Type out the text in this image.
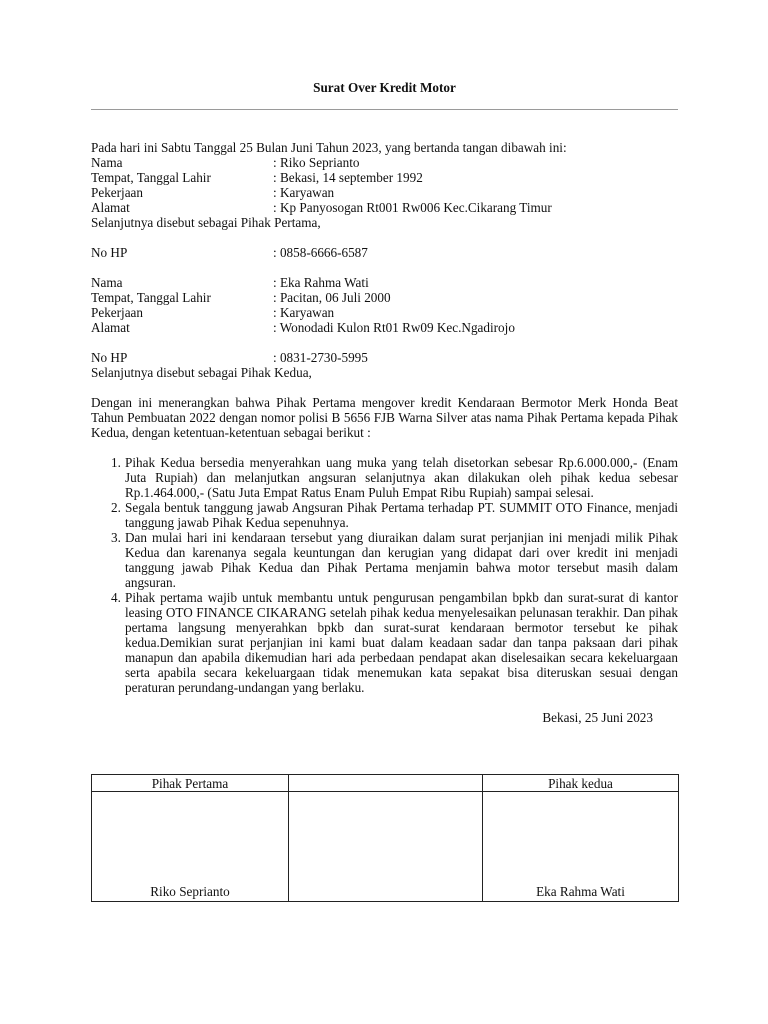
Surat Over Kredit Motor
Pada hari ini Sabtu Tanggal 25 Bulan Juni Tahun 2023, yang bertanda tangan dibawah ini:
Nama	: Riko Seprianto
Tempat, Tanggal Lahir	: Bekasi, 14 september 1992
Pekerjaan	: Karyawan
Alamat	: Kp Panyosogan Rt001 Rw006 Kec.Cikarang Timur
Selanjutnya disebut sebagai Pihak Pertama,
No HP	: 0858-6666-6587
Nama	: Eka Rahma Wati
Tempat, Tanggal Lahir	: Pacitan, 06 Juli 2000
Pekerjaan	: Karyawan
Alamat	: Wonodadi Kulon Rt01 Rw09 Kec.Ngadirojo
No HP	: 0831-2730-5995
Selanjutnya disebut sebagai Pihak Kedua,
Dengan ini menerangkan bahwa Pihak Pertama mengover kredit Kendaraan Bermotor Merk Honda Beat Tahun Pembuatan 2022 dengan nomor polisi B 5656 FJB Warna Silver atas nama Pihak Pertama kepada Pihak Kedua, dengan ketentuan-ketentuan sebagai berikut :
1. Pihak Kedua bersedia menyerahkan uang muka yang telah disetorkan sebesar Rp.6.000.000,- (Enam Juta Rupiah) dan melanjutkan angsuran selanjutnya akan dilakukan oleh pihak kedua sebesar Rp.1.464.000,- (Satu Juta Empat Ratus Enam Puluh Empat Ribu Rupiah) sampai selesai.
2. Segala bentuk tanggung jawab Angsuran Pihak Pertama terhadap PT. SUMMIT OTO Finance, menjadi tanggung jawab Pihak Kedua sepenuhnya.
3. Dan mulai hari ini kendaraan tersebut yang diuraikan dalam surat perjanjian ini menjadi milik Pihak Kedua dan karenanya segala keuntungan dan kerugian yang didapat dari over kredit ini menjadi tanggung jawab Pihak Kedua dan Pihak Pertama menjamin bahwa motor tersebut masih dalam angsuran.
4. Pihak pertama wajib untuk membantu untuk pengurusan pengambilan bpkb dan surat-surat di kantor leasing OTO FINANCE CIKARANG setelah pihak kedua menyelesaikan pelunasan terakhir. Dan pihak pertama langsung menyerahkan bpkb dan surat-surat kendaraan bermotor tersebut ke pihak kedua.Demikian surat perjanjian ini kami buat dalam keadaan sadar dan tanpa paksaan dari pihak manapun dan apabila dikemudian hari ada perbedaan pendapat akan diselesaikan secara kekeluargaan serta apabila secara kekeluargaan tidak menemukan kata sepakat bisa diteruskan sesuai dengan peraturan perundang-undangan yang berlaku.
Bekasi, 25 Juni 2023
Pihak Pertama		Pihak kedua
Riko Seprianto		Eka Rahma Wati
